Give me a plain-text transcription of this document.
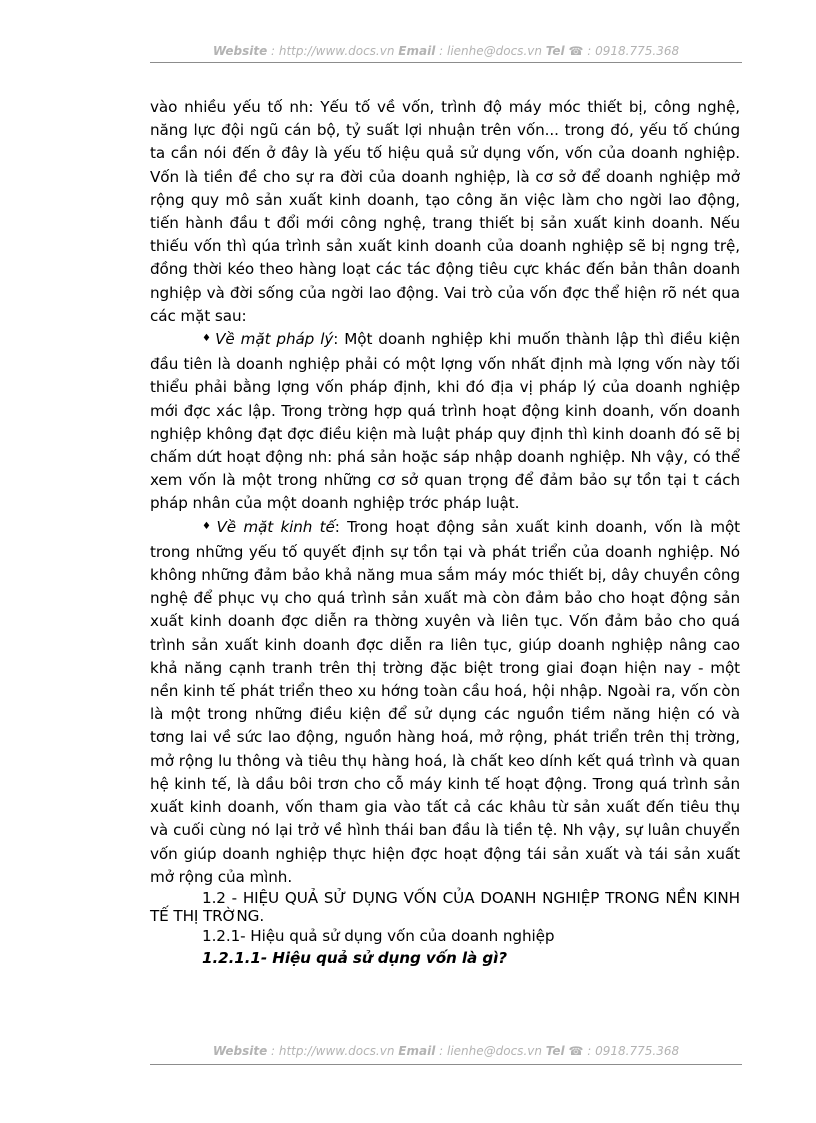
Website : http://www.docs.vn Email : lienhe@docs.vn Tel ☎ : 0918.775.368

vào nhiều yếu tố nh: Yếu tố về vốn, trình độ máy móc thiết bị, công nghệ, năng lực đội ngũ cán bộ, tỷ suất lợi nhuận trên vốn... trong đó, yếu tố chúng ta cần nói đến ở đây là yếu tố hiệu quả sử dụng vốn, vốn của doanh nghiệp. Vốn là tiền đề cho sự ra đời của doanh nghiệp, là cơ sở để doanh nghiệp mở rộng quy mô sản xuất kinh doanh, tạo công ăn việc làm cho ngời lao động, tiến hành đầu t đổi mới công nghệ, trang thiết bị sản xuất kinh doanh. Nếu thiếu vốn thì qúa trình sản xuất kinh doanh của doanh nghiệp sẽ bị ngng trệ, đồng thời kéo theo hàng loạt các tác động tiêu cực khác đến bản thân doanh nghiệp và đời sống của ngời lao động. Vai trò của vốn đợc thể hiện rõ nét qua các mặt sau:

♦ Về mặt pháp lý: Một doanh nghiệp khi muốn thành lập thì điều kiện đầu tiên là doanh nghiệp phải có một lợng vốn nhất định mà lợng vốn này tối thiểu phải bằng lợng vốn pháp định, khi đó địa vị pháp lý của doanh nghiệp mới đợc xác lập. Trong trờng hợp quá trình hoạt động kinh doanh, vốn doanh nghiệp không đạt đợc điều kiện mà luật pháp quy định thì kinh doanh đó sẽ bị chấm dứt hoạt động nh: phá sản hoặc sáp nhập doanh nghiệp. Nh vậy, có thể xem vốn là một trong những cơ sở quan trọng để đảm bảo sự tồn tại t cách pháp nhân của một doanh nghiệp trớc pháp luật.

♦ Về mặt kinh tế: Trong hoạt động sản xuất kinh doanh, vốn là một trong những yếu tố quyết định sự tồn tại và phát triển của doanh nghiệp. Nó không những đảm bảo khả năng mua sắm máy móc thiết bị, dây chuyền công nghệ để phục vụ cho quá trình sản xuất mà còn đảm bảo cho hoạt động sản xuất kinh doanh đợc diễn ra thờng xuyên và liên tục. Vốn đảm bảo cho quá trình sản xuất kinh doanh đợc diễn ra liên tục, giúp doanh nghiệp nâng cao khả năng cạnh tranh trên thị trờng đặc biệt trong giai đoạn hiện nay - một nền kinh tế phát triển theo xu hớng toàn cầu hoá, hội nhập. Ngoài ra, vốn còn là một trong những điều kiện để sử dụng các nguồn tiềm năng hiện có và tơng lai về sức lao động, nguồn hàng hoá, mở rộng, phát triển trên thị trờng, mở rộng lu thông và tiêu thụ hàng hoá, là chất keo dính kết quá trình và quan hệ kinh tế, là dầu bôi trơn cho cỗ máy kinh tế hoạt động. Trong quá trình sản xuất kinh doanh, vốn tham gia vào tất cả các khâu từ sản xuất đến tiêu thụ và cuối cùng nó lại trở về hình thái ban đầu là tiền tệ. Nh vậy, sự luân chuyển vốn giúp doanh nghiệp thực hiện đợc hoạt động tái sản xuất và tái sản xuất mở rộng của mình.

1.2 - HIỆU QUẢ SỬ DỤNG VỐN CỦA DOANH NGHIỆP TRONG NỀN KINH TẾ THỊ TRỜNG.

1.2.1- Hiệu quả sử dụng vốn của doanh nghiệp

1.2.1.1- Hiệu quả sử dụng vốn là gì?

Website : http://www.docs.vn Email : lienhe@docs.vn Tel ☎ : 0918.775.368
